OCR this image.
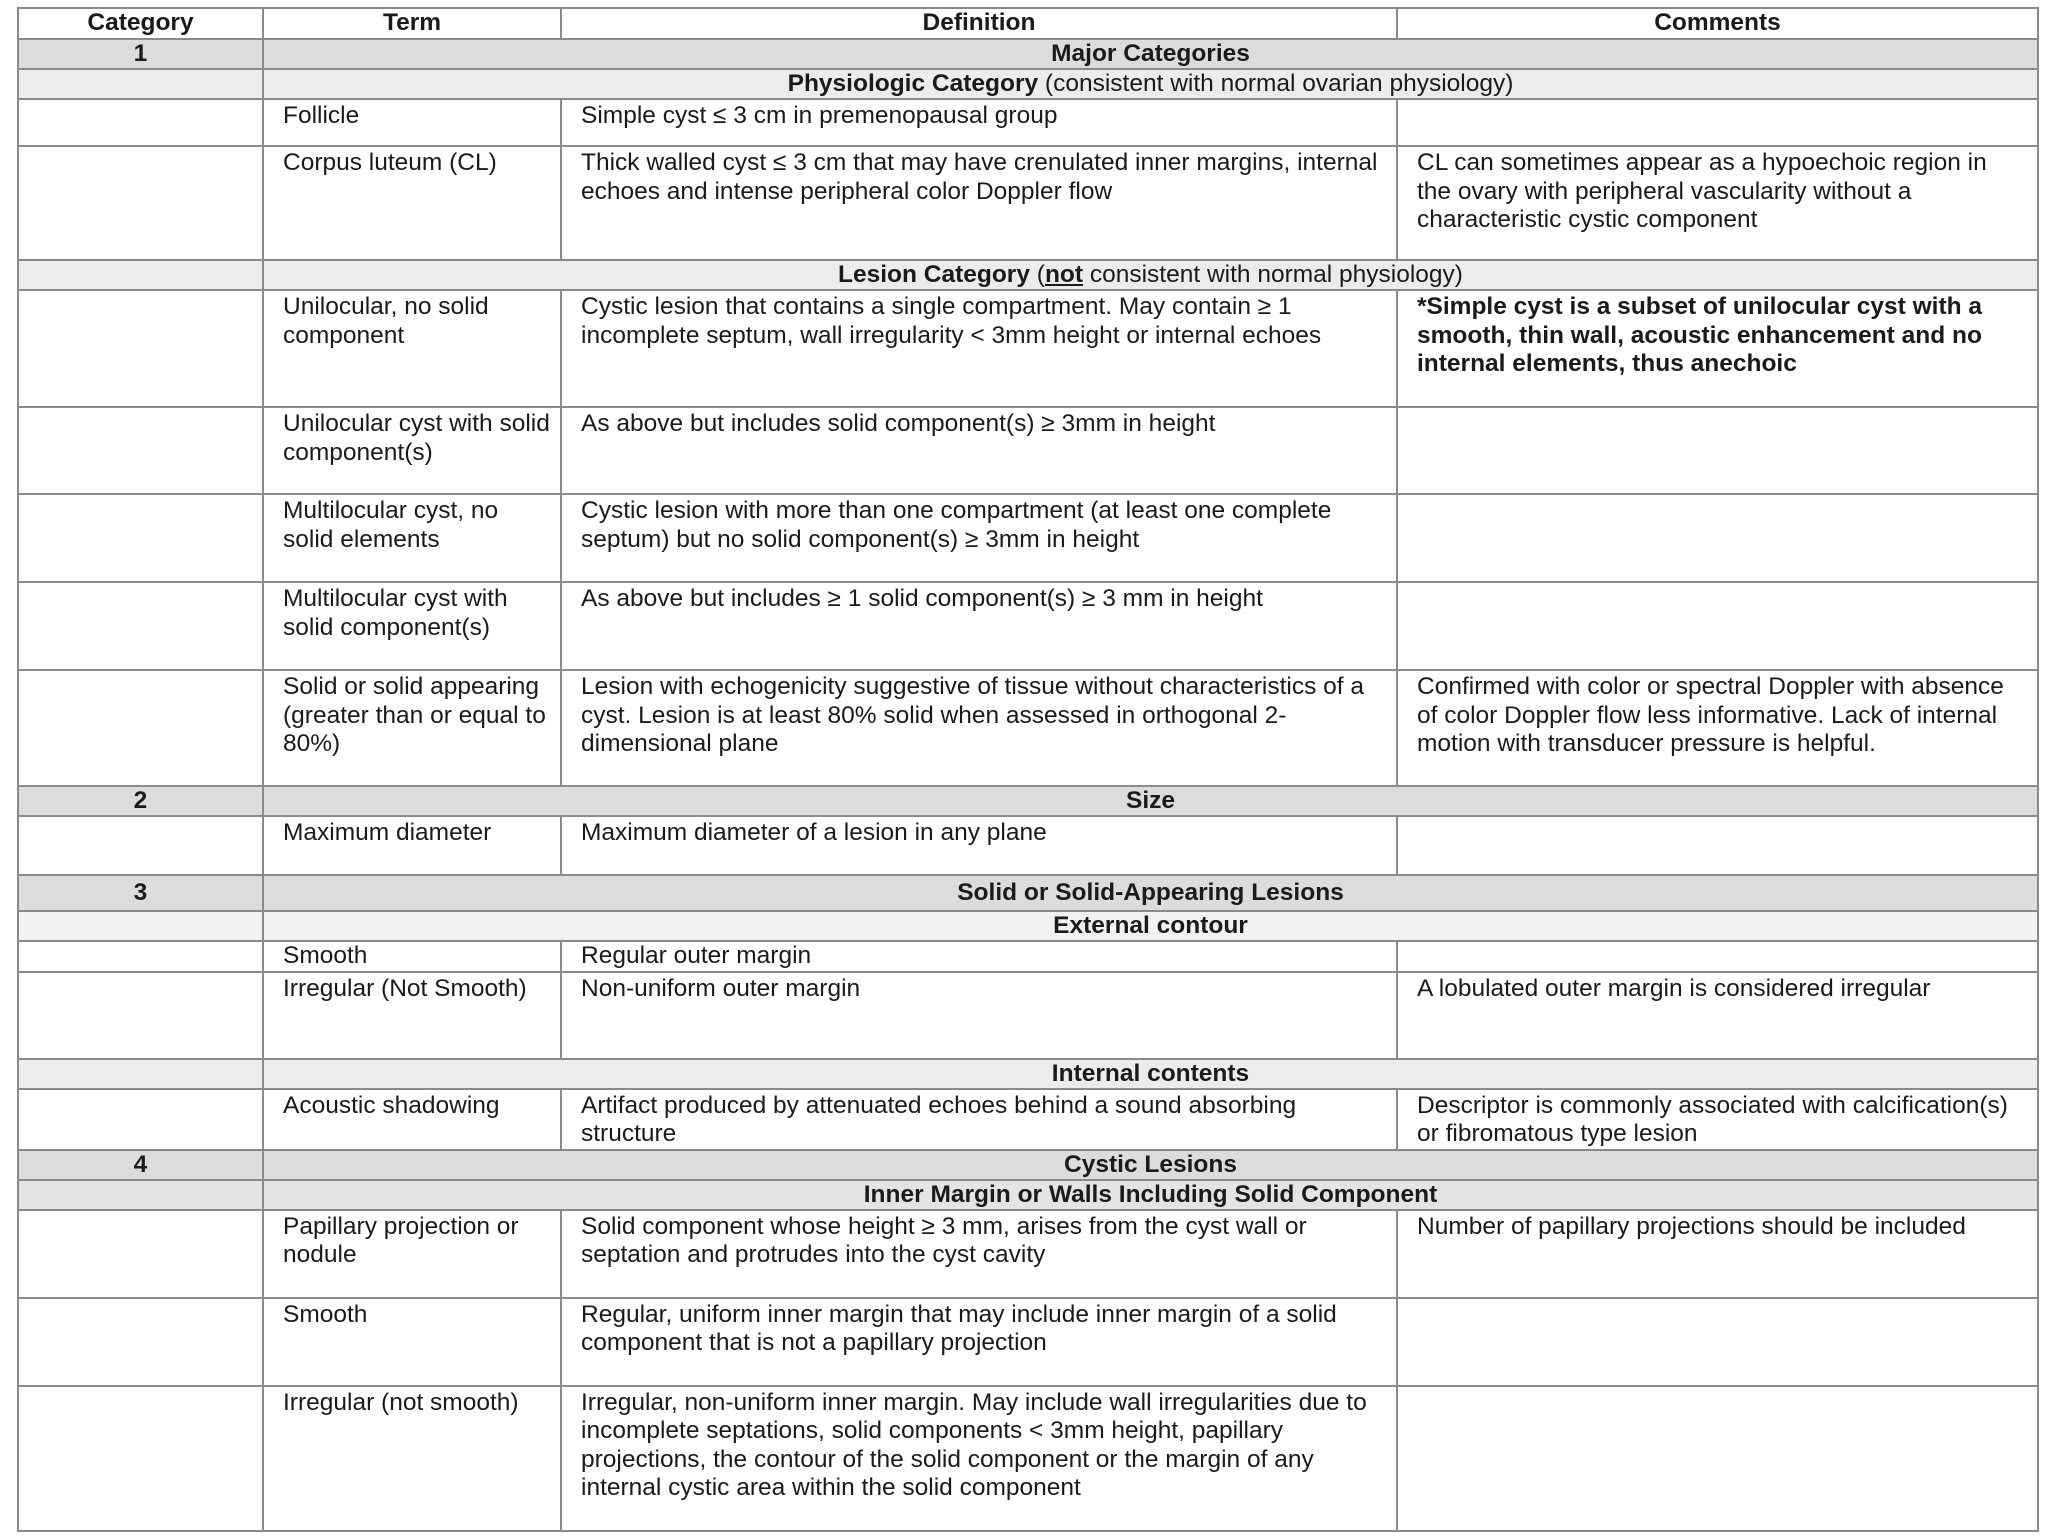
Category	Term	Definition	Comments
1	Major Categories		
	Physiologic Category (consistent with normal ovarian physiology)		
	Follicle	Simple cyst ≤ 3 cm in premenopausal group	
	Corpus luteum (CL)	Thick walled cyst ≤ 3 cm that may have crenulated inner margins, internal echoes and intense peripheral color Doppler flow	CL can sometimes appear as a hypoechoic region in the ovary with peripheral vascularity without a characteristic cystic component
	Lesion Category (not consistent with normal physiology)		
	Unilocular, no solid component	Cystic lesion that contains a single compartment. May contain ≥ 1 incomplete septum, wall irregularity < 3mm height or internal echoes	*Simple cyst is a subset of unilocular cyst with a smooth, thin wall, acoustic enhancement and no internal elements, thus anechoic
	Unilocular cyst with solid component(s)	As above but includes solid component(s) ≥ 3mm in height	
	Multilocular cyst, no solid elements	Cystic lesion with more than one compartment (at least one complete septum) but no solid component(s) ≥ 3mm in height	
	Multilocular cyst with solid component(s)	As above but includes ≥ 1 solid component(s) ≥ 3 mm in height	
	Solid or solid appearing (greater than or equal to 80%)	Lesion with echogenicity suggestive of tissue without characteristics of a cyst. Lesion is at least 80% solid when assessed in orthogonal 2-dimensional plane	Confirmed with color or spectral Doppler with absence of color Doppler flow less informative. Lack of internal motion with transducer pressure is helpful.
2	Size		
	Maximum diameter	Maximum diameter of a lesion in any plane	
3	Solid or Solid-Appearing Lesions		
	External contour		
	Smooth	Regular outer margin	
	Irregular (Not Smooth)	Non-uniform outer margin	A lobulated outer margin is considered irregular
	Internal contents		
	Acoustic shadowing	Artifact produced by attenuated echoes behind a sound absorbing structure	Descriptor is commonly associated with calcification(s) or fibromatous type lesion
4	Cystic Lesions		
	Inner Margin or Walls Including Solid Component		
	Papillary projection or nodule	Solid component whose height ≥ 3 mm, arises from the cyst wall or septation and protrudes into the cyst cavity	Number of papillary projections should be included
	Smooth	Regular, uniform inner margin that may include inner margin of a solid component that is not a papillary projection	
	Irregular (not smooth)	Irregular, non-uniform inner margin. May include wall irregularities due to incomplete septations, solid components < 3mm height, papillary projections, the contour of the solid component or the margin of any internal cystic area within the solid component	
